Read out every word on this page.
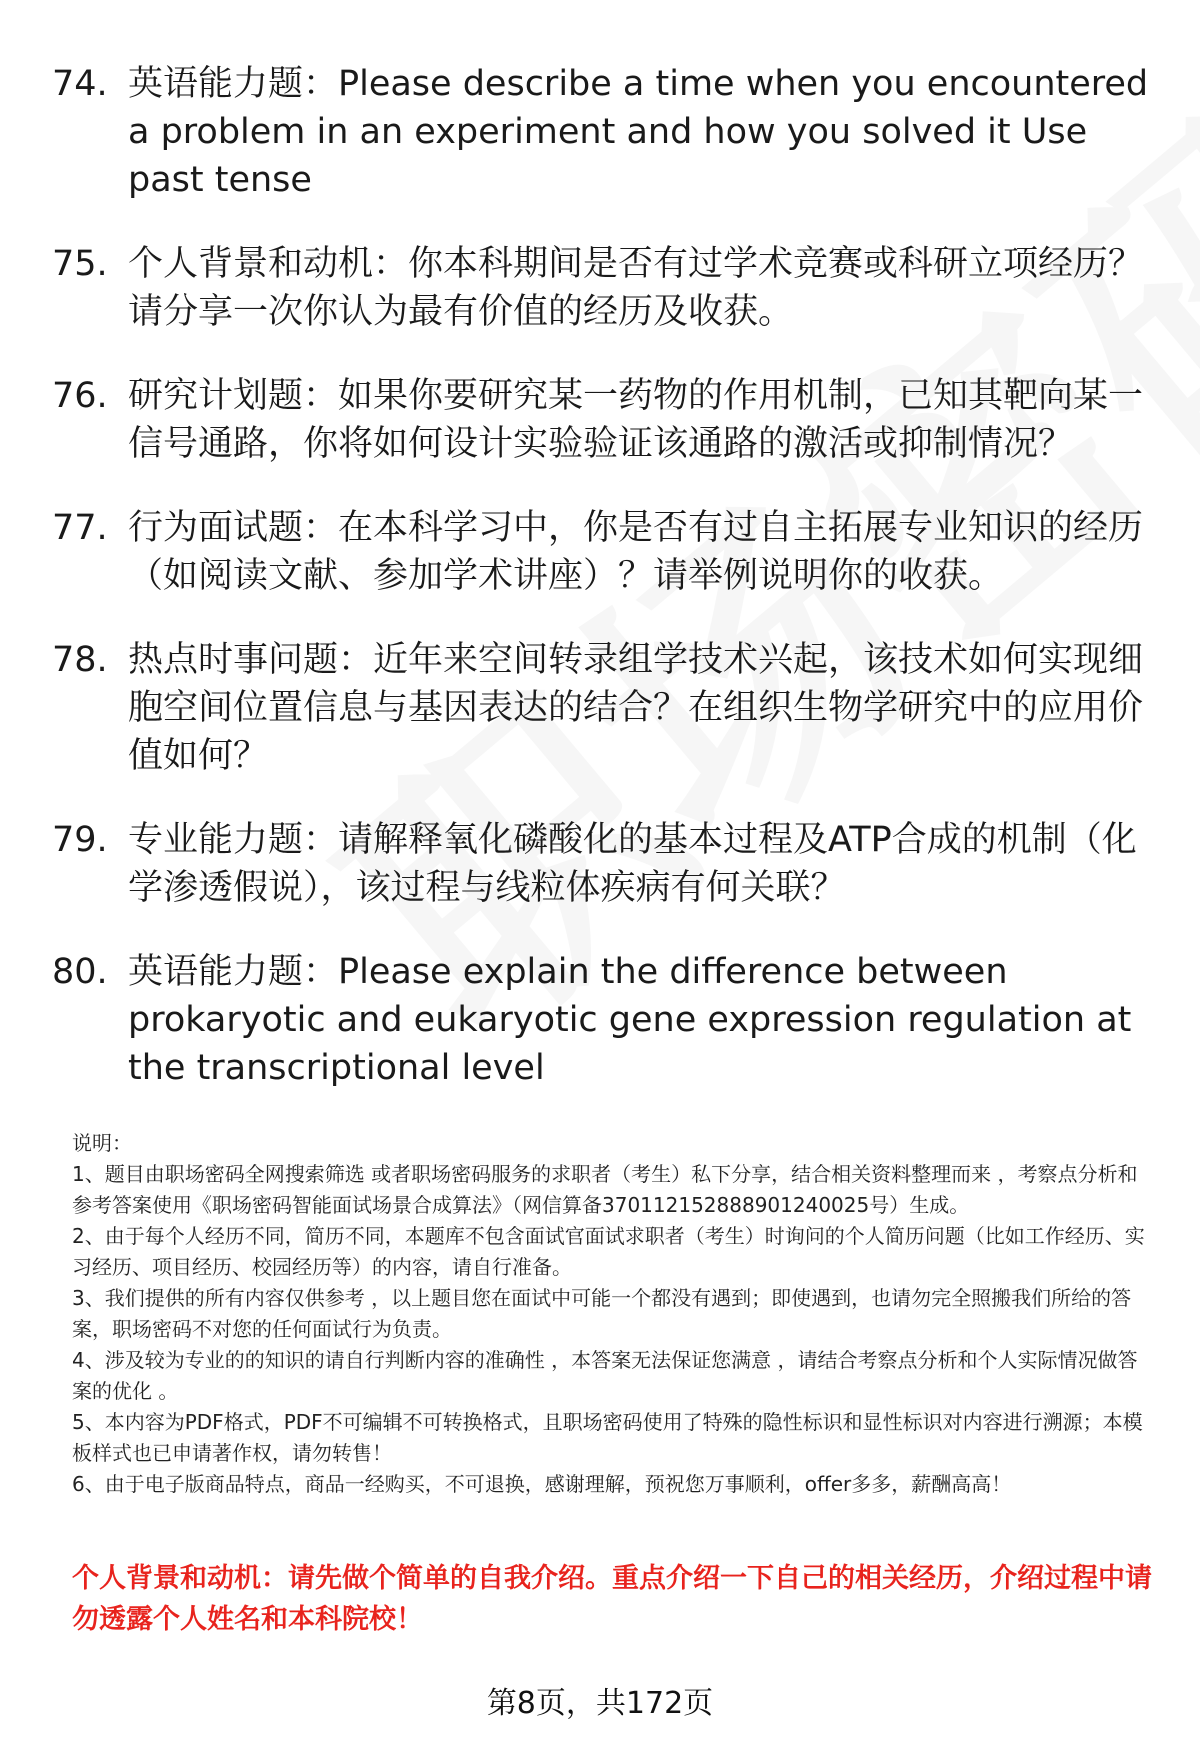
74. 英语能力题：Please describe a time when you encountered a problem in an experiment and how you solved it Use past tense
75. 个人背景和动机：你本科期间是否有过学术竞赛或科研立项经历？请分享一次你认为最有价值的经历及收获。
76. 研究计划题：如果你要研究某一药物的作用机制，已知其靶向某一信号通路，你将如何设计实验验证该通路的激活或抑制情况？
77. 行为面试题：在本科学习中，你是否有过自主拓展专业知识的经历（如阅读文献、参加学术讲座）？请举例说明你的收获。
78. 热点时事问题：近年来空间转录组学技术兴起，该技术如何实现细胞空间位置信息与基因表达的结合？在组织生物学研究中的应用价值如何？
79. 专业能力题：请解释氧化磷酸化的基本过程及ATP合成的机制（化学渗透假说），该过程与线粒体疾病有何关联？
80. 英语能力题：Please explain the difference between prokaryotic and eukaryotic gene expression regulation at the transcriptional level

说明：

1、题目由职场密码全网搜索筛选 或者职场密码服务的求职者（考生）私下分享，结合相关资料整理而来 ，考察点分析和参考答案使用《职场密码智能面试场景合成算法》（网信算备370112152888901240025号）生成。

2、由于每个人经历不同，简历不同，本题库不包含面试官面试求职者（考生）时询问的个人简历问题（比如工作经历、实习经历、项目经历、校园经历等）的内容，请自行准备。

3、我们提供的所有内容仅供参考 ，以上题目您在面试中可能一个都没有遇到；即使遇到，也请勿完全照搬我们所给的答案，职场密码不对您的任何面试行为负责。

4、涉及较为专业的的知识的请自行判断内容的准确性 ，本答案无法保证您满意 ，请结合考察点分析和个人实际情况做答案的优化 。

5、本内容为PDF格式，PDF不可编辑不可转换格式，且职场密码使用了特殊的隐性标识和显性标识对内容进行溯源；本模板样式也已申请著作权，请勿转售！

6、由于电子版商品特点，商品一经购买，不可退换，感谢理解，预祝您万事顺利，offer多多，薪酬高高！

个人背景和动机：请先做个简单的自我介绍。重点介绍一下自己的相关经历，介绍过程中请勿透露个人姓名和本科院校！
第8页，共172页
